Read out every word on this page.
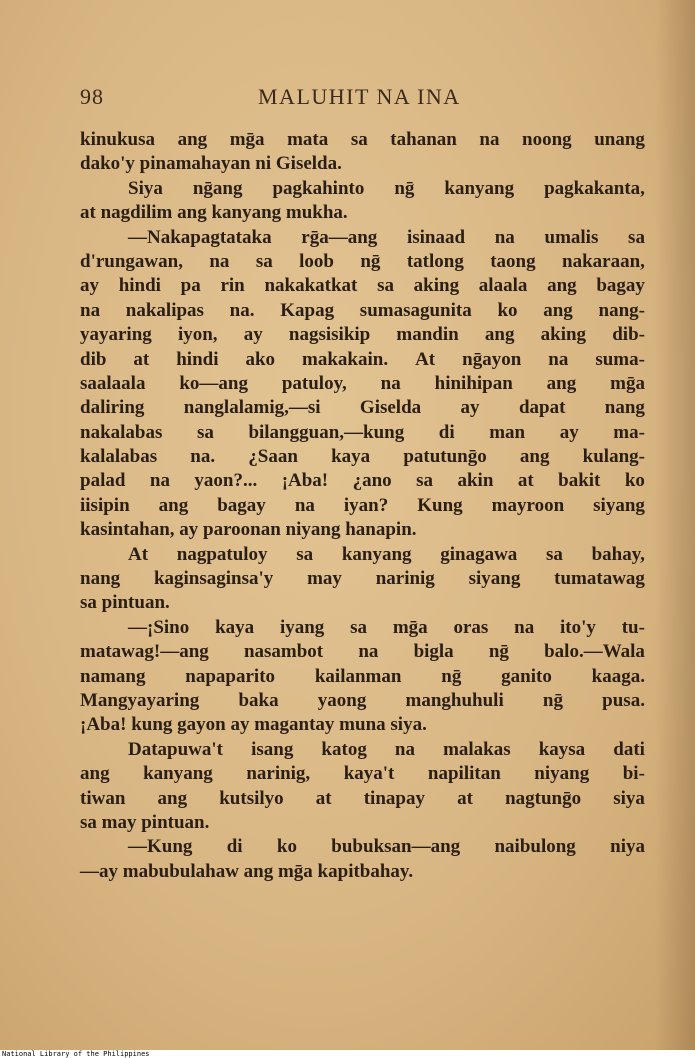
98	MALUHIT NA INA
kinukusa ang mḡa mata sa tahanan na noong unang
dako'y pinamahayan ni Giselda.
Siya nḡang pagkahinto nḡ kanyang pagkakanta,
at nagdilim ang kanyang mukha.
—Nakapagtataka rḡa—ang isinaad na umalis sa
d'rungawan, na sa loob nḡ tatlong taong nakaraan,
ay hindi pa rin nakakatkat sa aking alaala ang bagay
na nakalipas na. Kapag sumasagunita ko ang nang-
yayaring iyon, ay nagsisikip mandin ang aking dib-
dib at hindi ako makakain. At nḡayon na suma-
saalaala ko—ang patuloy, na hinihipan ang mḡa
daliring nanglalamig,—si Giselda ay dapat nang
nakalabas sa bilangguan,—kung di man ay ma-
kalalabas na. ¿Saan kaya patutunḡo ang kulang-
palad na yaon?... ¡Aba! ¿ano sa akin at bakit ko
iisipin ang bagay na iyan? Kung mayroon siyang
kasintahan, ay paroonan niyang hanapin.
At nagpatuloy sa kanyang ginagawa sa bahay,
nang kaginsaginsa'y may narinig siyang tumatawag
sa pintuan.
—¡Sino kaya iyang sa mḡa oras na ito'y tu-
matawag!—ang nasambot na bigla nḡ balo.—Wala
namang napaparito kailanman nḡ ganito kaaga.
Mangyayaring baka yaong manghuhuli nḡ pusa.
¡Aba! kung gayon ay magantay muna siya.
Datapuwa't isang katog na malakas kaysa dati
ang kanyang narinig, kaya't napilitan niyang bi-
tiwan ang kutsilyo at tinapay at nagtunḡo siya
sa may pintuan.
—Kung di ko bubuksan—ang naibulong niya
—ay mabubulahaw ang mḡa kapitbahay.
National Library of the Philippines
